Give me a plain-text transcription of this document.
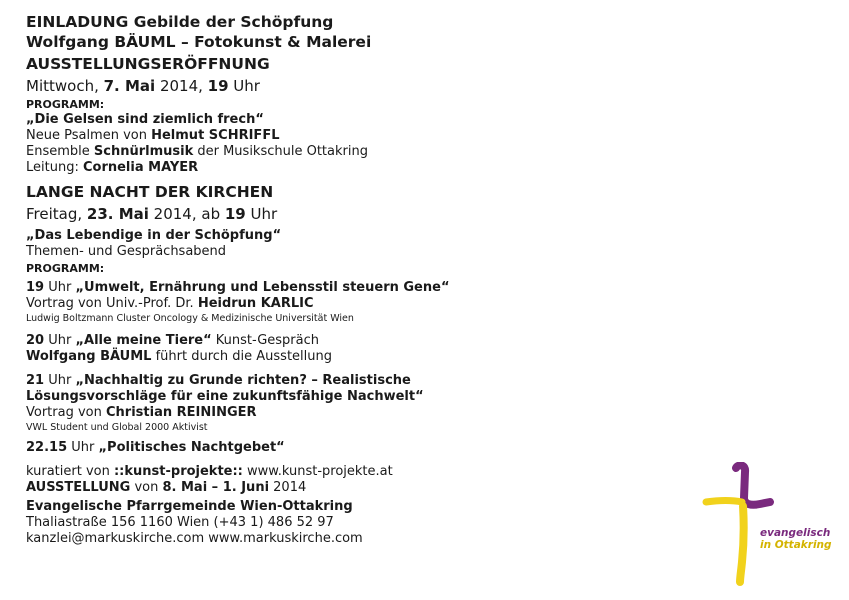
EINLADUNG Gebilde der Schöpfung
Wolfgang BÄUML – Fotokunst & Malerei
AUSSTELLUNGSERÖFFNUNG
Mittwoch, 7. Mai 2014, 19 Uhr
PROGRAMM:
„Die Gelsen sind ziemlich frech“
Neue Psalmen von Helmut SCHRIFFL
Ensemble Schnürlmusik der Musikschule Ottakring
Leitung: Cornelia MAYER
LANGE NACHT DER KIRCHEN
Freitag, 23. Mai 2014, ab 19 Uhr
„Das Lebendige in der Schöpfung“
Themen- und Gesprächsabend
PROGRAMM:
19 Uhr „Umwelt, Ernährung und Lebensstil steuern Gene“
Vortrag von Univ.-Prof. Dr. Heidrun KARLIC
Ludwig Boltzmann Cluster Oncology & Medizinische Universität Wien
20 Uhr „Alle meine Tiere“ Kunst-Gespräch
Wolfgang BÄUML führt durch die Ausstellung
21 Uhr „Nachhaltig zu Grunde richten? – Realistische
Lösungsvorschläge für eine zukunftsfähige Nachwelt“
Vortrag von Christian REININGER
VWL Student und Global 2000 Aktivist
22.15 Uhr „Politisches Nachtgebet“
kuratiert von ::kunst-projekte:: www.kunst-projekte.at
AUSSTELLUNG von 8. Mai – 1. Juni 2014
Evangelische Pfarrgemeinde Wien-Ottakring
Thaliastraße 156 1160 Wien (+43 1) 486 52 97
kanzlei@markuskirche.com www.markuskirche.com	evangelisch
in Ottakring
